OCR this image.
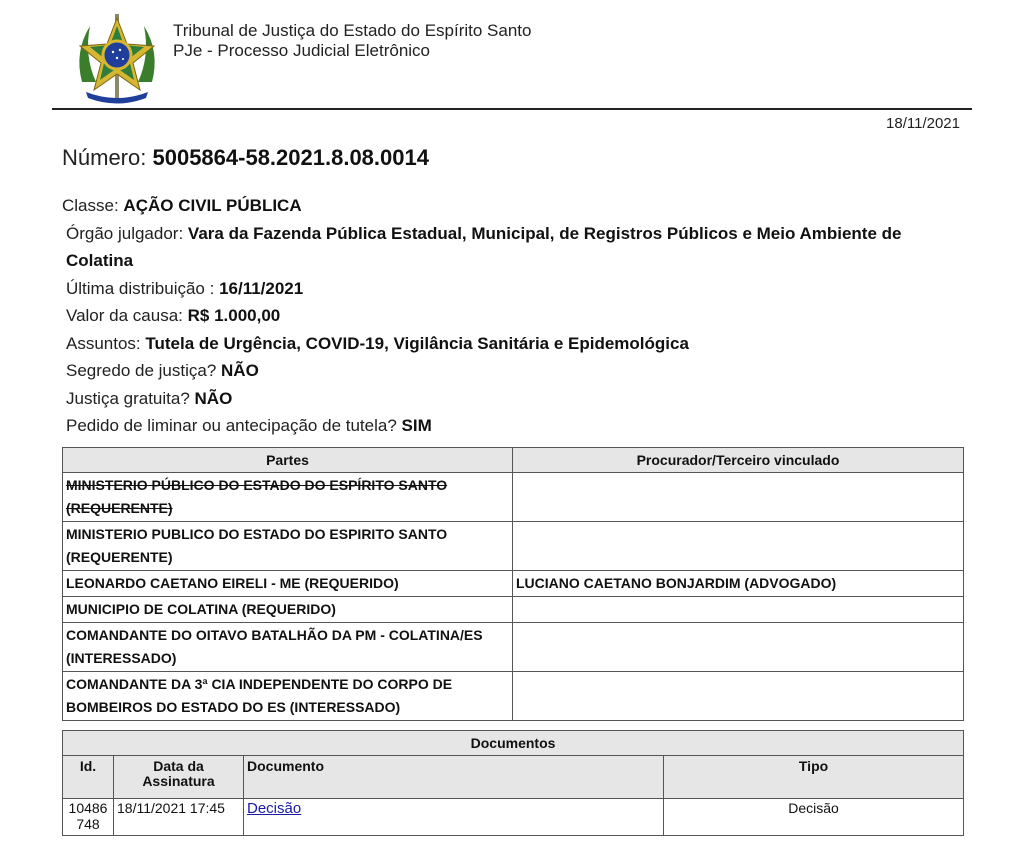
Tribunal de Justiça do Estado do Espírito Santo
PJe - Processo Judicial Eletrônico
18/11/2021
Número: 5005864-58.2021.8.08.0014
Classe: AÇÃO CIVIL PÚBLICA
Órgão julgador: Vara da Fazenda Pública Estadual, Municipal, de Registros Públicos e Meio Ambiente de Colatina
Última distribuição : 16/11/2021
Valor da causa: R$ 1.000,00
Assuntos: Tutela de Urgência, COVID-19, Vigilância Sanitária e Epidemológica
Segredo de justiça? NÃO
Justiça gratuita? NÃO
Pedido de liminar ou antecipação de tutela? SIM
Partes	Procurador/Terceiro vinculado
MINISTERIO PÚBLICO DO ESTADO DO ESPÍRITO SANTO (REQUERENTE)	
MINISTERIO PUBLICO DO ESTADO DO ESPIRITO SANTO (REQUERENTE)	
LEONARDO CAETANO EIRELI - ME (REQUERIDO)	LUCIANO CAETANO BONJARDIM (ADVOGADO)
MUNICIPIO DE COLATINA (REQUERIDO)	
COMANDANTE DO OITAVO BATALHÃO DA PM - COLATINA/ES (INTERESSADO)	
COMANDANTE DA 3ª CIA INDEPENDENTE DO CORPO DE BOMBEIROS DO ESTADO DO ES (INTERESSADO)	
Documentos			
Id.	Data da Assinatura	Documento	Tipo
10486 748	18/11/2021 17:45	Decisão	Decisão
